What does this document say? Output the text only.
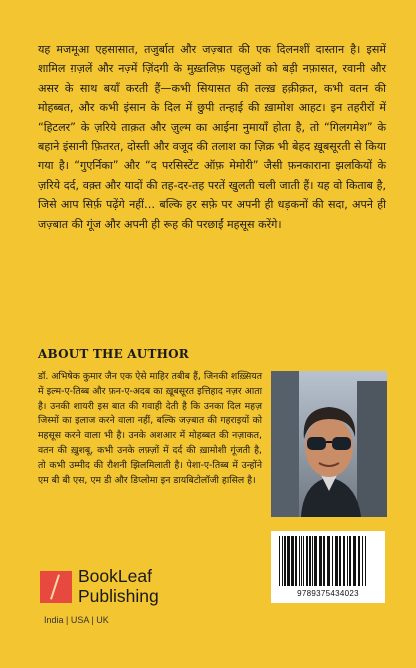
यह मजमूआ एहसासात, तजुर्बात और जज़्बात की एक दिलनशीं दास्तान है। इसमें शामिल ग़ज़लें और नज़्में ज़िंदगी के मुख़्तलिफ़ पहलुओं को बड़ी नफ़ासत, रवानी और असर के साथ बयाँ करती हैं—कभी सियासत की तल्ख़ हक़ीक़त, कभी वतन की मोहब्बत, और कभी इंसान के दिल में छुपी तन्हाई की ख़ामोश आहट। इन तहरीरों में “हिटलर” के ज़रिये ताक़त और ज़ुल्म का आईना नुमायाँ होता है, तो “गिलगमेश” के बहाने इंसानी फ़ितरत, दोस्ती और वजूद की तलाश का ज़िक्र भी बेहद ख़ूबसूरती से किया गया है। “गुएर्निका” और “द परसिस्टेंट ऑफ़ मेमोरी” जैसी फ़नकाराना झलकियों के ज़रिये दर्द, वक़्त और यादों की तह-दर-तह परतें खुलती चली जाती हैं। यह वो किताब है, जिसे आप सिर्फ़ पढ़ेंगे नहीं… बल्कि हर सफ़े पर अपनी ही धड़कनों की सदा, अपने ही जज़्बात की गूंज और अपनी ही रूह की परछाईं महसूस करेंगे।

ABOUT THE AUTHOR

डॉ. अभिषेक कुमार जैन एक ऐसे माहिर तबीब हैं, जिनकी शख़्सियत में इल्म-ए-तिब्ब और फ़न-ए-अदब का ख़ूबसूरत इत्तिहाद नज़र आता है। उनकी शायरी इस बात की गवाही देती है कि उनका दिल महज़ जिस्मों का इलाज करने वाला नहीं, बल्कि जज़्बात की गहराइयों को महसूस करने वाला भी है। उनके अशआर में मोहब्बत की नज़ाकत, वतन की ख़ुशबू, कभी उनके लफ़्ज़ों में दर्द की ख़ामोशी गूंजती है, तो कभी उम्मीद की रौशनी झिलमिलाती है। पेशा-ए-तिब्ब में उन्होंने एम बी बी एस, एम डी और डिप्लोमा इन डायबिटोलॉजी हासिल है।

BookLeaf
Publishing
India | USA | UK
9789375434023
